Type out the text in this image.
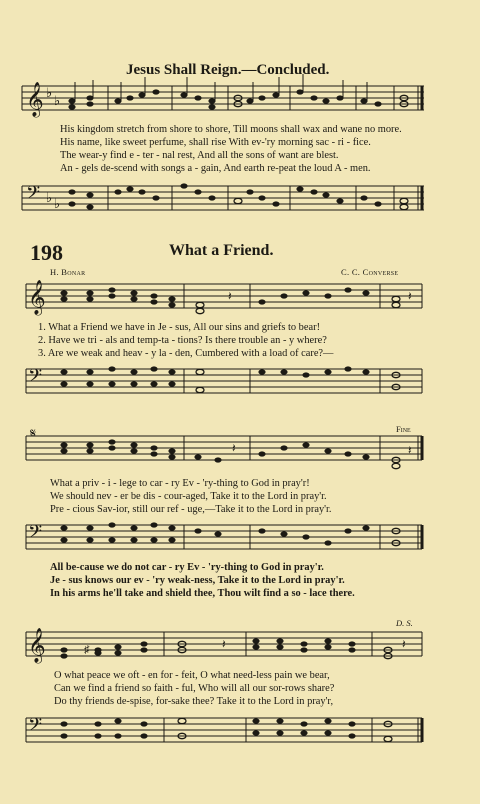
Jesus Shall Reign.—Concluded.
𝄞 ♭
♭
His kingdom stretch from shore to shore, Till moons shall wax and wane no more.
His name, like sweet perfume, shall rise With ev-'ry morning sac - ri - fice.
The wear-y find e - ter - nal rest, And all the sons of want are blest.
An - gels de-scend with songs a - gain, And earth re-peat the loud A - men.
𝄢 ♭ ♭
198	What a Friend.
H. Bonar	C. C. Converse
𝄞	𝄽	𝄽
1. What a Friend we have in Je - sus, All our sins and griefs to bear!
2. Have we tri - als and temp-ta - tions? Is there trouble an - y where?
3. Are we weak and heav - y la - den, Cumbered with a load of care?—
𝄢
Fine
𝄋
𝄽	𝄽
What a priv - i - lege to car - ry Ev - 'ry-thing to God in pray'r!
We should nev - er be dis - cour-aged, Take it to the Lord in pray'r.
Pre - cious Sav-ior, still our ref - uge,—Take it to the Lord in pray'r.
𝄢
All be-cause we do not car - ry Ev - 'ry-thing to God in pray'r.
Je - sus knows our ev - 'ry weak-ness, Take it to the Lord in pray'r.
In his arms he'll take and shield thee, Thou wilt find a so - lace there.
D. S.
𝄞	♯	𝄽	𝄽
O what peace we oft - en for - feit, O what need-less pain we bear,
Can we find a friend so faith - ful, Who will all our sor-rows share?
Do thy friends de-spise, for-sake thee? Take it to the Lord in pray'r,
𝄢
